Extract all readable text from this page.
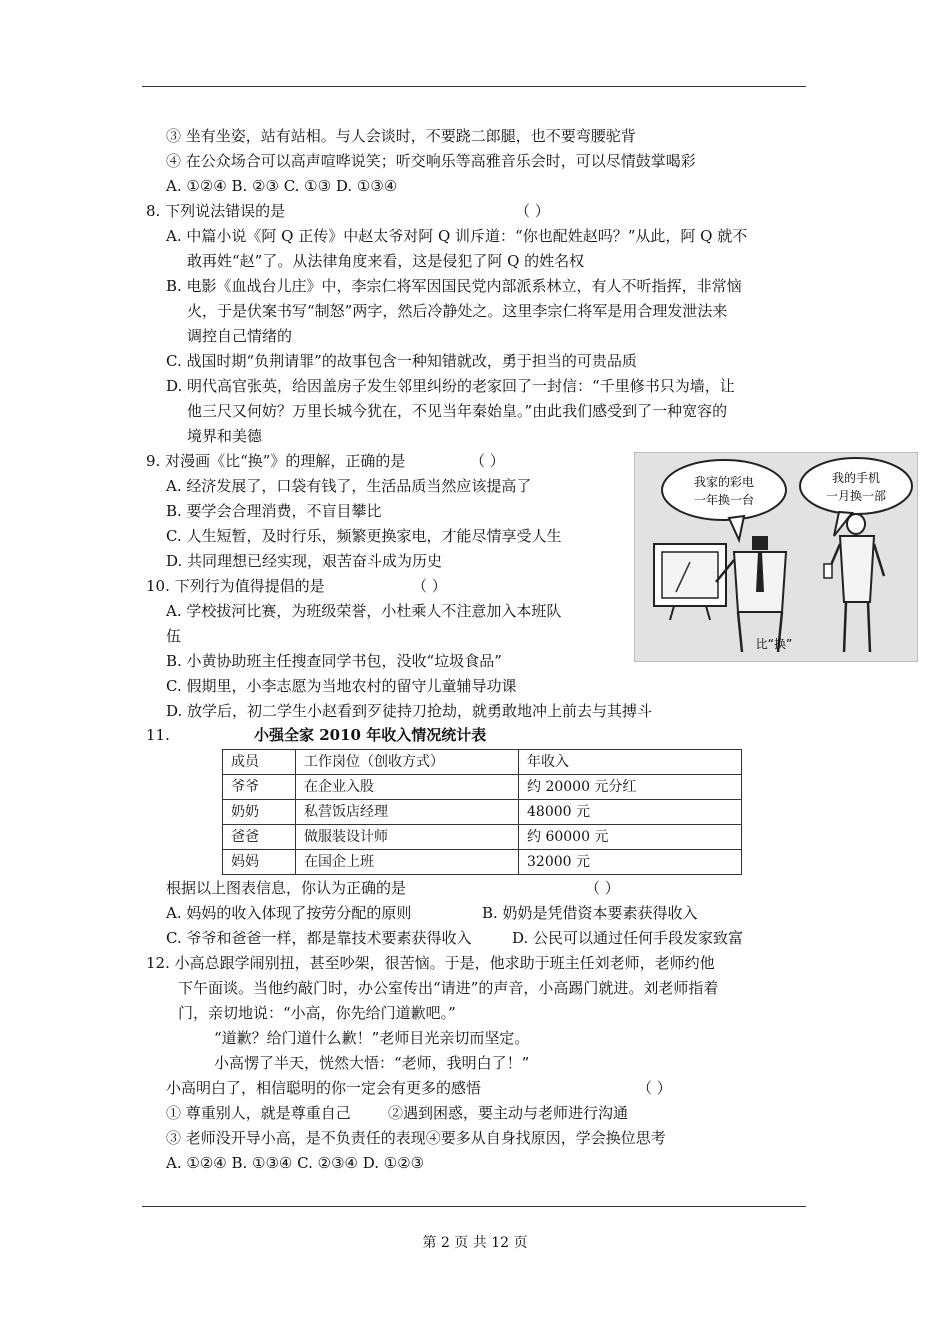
③ 坐有坐姿，站有站相。与人会谈时，不要跷二郎腿，也不要弯腰驼背
④ 在公众场合可以高声喧哗说笑；听交响乐等高雅音乐会时，可以尽情鼓掌喝彩
A. ①②④ B. ②③ C. ①③ D. ①③④
8. 下列说法错误的是	（ ）
A. 中篇小说《阿 Q 正传》中赵太爷对阿 Q 训斥道：“你也配姓赵吗？”从此，阿 Q 就不
敢再姓“赵”了。从法律角度来看，这是侵犯了阿 Q 的姓名权
B. 电影《血战台儿庄》中，李宗仁将军因国民党内部派系林立，有人不听指挥，非常恼
火，于是伏案书写“制怒”两字，然后冷静处之。这里李宗仁将军是用合理发泄法来
调控自己情绪的
C. 战国时期“负荆请罪”的故事包含一种知错就改，勇于担当的可贵品质
D. 明代高官张英，给因盖房子发生邻里纠纷的老家回了一封信：“千里修书只为墙，让
他三尺又何妨？万里长城今犹在，不见当年秦始皇。”由此我们感受到了一种宽容的
境界和美德
9. 对漫画《比“换”》的理解，正确的是	（ ）
A. 经济发展了，口袋有钱了，生活品质当然应该提高了
B. 要学会合理消费，不盲目攀比
C. 人生短暂，及时行乐，频繁更换家电，才能尽情享受人生
D. 共同理想已经实现，艰苦奋斗成为历史
我家的彩电
一年换一台
我的手机
一月换一部
比“换”
10. 下列行为值得提倡的是	（ ）
A. 学校拔河比赛，为班级荣誉，小杜乘人不注意加入本班队
伍
B. 小黄协助班主任搜查同学书包，没收“垃圾食品”
C. 假期里，小李志愿为当地农村的留守儿童辅导功课
D. 放学后，初二学生小赵看到歹徒持刀抢劫，就勇敢地冲上前去与其搏斗
11.	小强全家 2010 年收入情况统计表
成员	工作岗位（创收方式）	年收入
爷爷	在企业入股	约 20000 元分红
奶奶	私营饭店经理	48000 元
爸爸	做服装设计师	约 60000 元
妈妈	在国企上班	32000 元
根据以上图表信息，你认为正确的是	（ ）
A. 妈妈的收入体现了按劳分配的原则	B. 奶奶是凭借资本要素获得收入
C. 爷爷和爸爸一样，都是靠技术要素获得收入	D. 公民可以通过任何手段发家致富
12. 小高总跟学闹别扭，甚至吵架，很苦恼。于是，他求助于班主任刘老师，老师约他
下午面谈。当他约敲门时，办公室传出“请进”的声音，小高踢门就进。刘老师指着
门，亲切地说：“小高，你先给门道歉吧。”
“道歉？给门道什么歉！”老师目光亲切而坚定。
小高愣了半天，恍然大悟：“老师，我明白了！”
小高明白了，相信聪明的你一定会有更多的感悟	（ ）
① 尊重别人，就是尊重自己 ②遇到困惑，要主动与老师进行沟通
③ 老师没开导小高，是不负责任的表现④要多从自身找原因，学会换位思考
A. ①②④ B. ①③④ C. ②③④ D. ①②③
第 2 页 共 12 页
